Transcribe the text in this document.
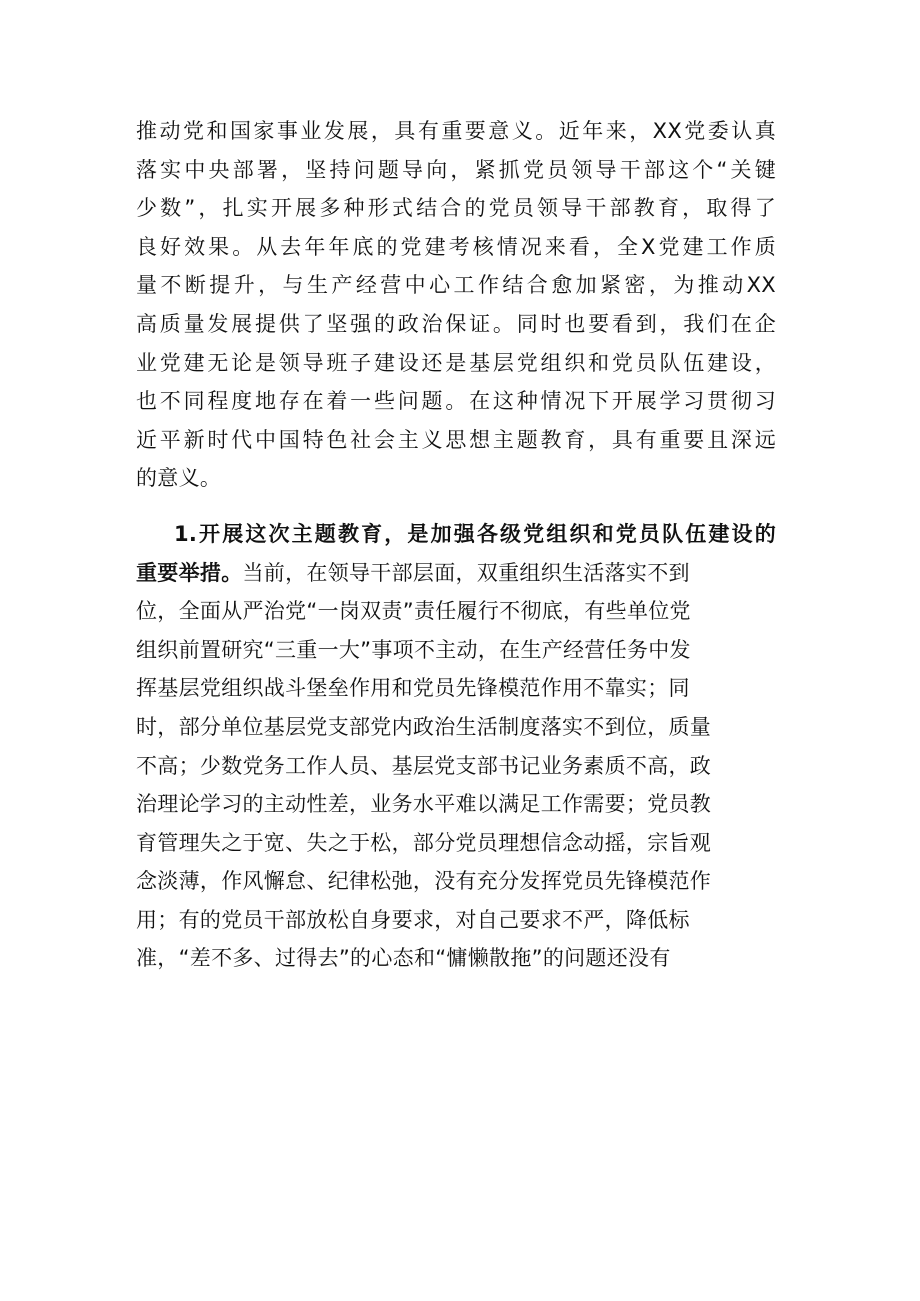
推动党和国家事业发展，具有重要意义。近年来，XX党委认真
落实中央部署，坚持问题导向，紧抓党员领导干部这个“关键
少数”，扎实开展多种形式结合的党员领导干部教育，取得了
良好效果。从去年年底的党建考核情况来看，全X党建工作质
量不断提升，与生产经营中心工作结合愈加紧密，为推动XX
高质量发展提供了坚强的政治保证。同时也要看到，我们在企
业党建无论是领导班子建设还是基层党组织和党员队伍建设，
也不同程度地存在着一些问题。在这种情况下开展学习贯彻习
近平新时代中国特色社会主义思想主题教育，具有重要且深远
的意义。
1.开展这次主题教育，是加强各级党组织和党员队伍建设的
重要举措。当前，在领导干部层面，双重组织生活落实不到
位，全面从严治党“一岗双责”责任履行不彻底，有些单位党
组织前置研究“三重一大”事项不主动，在生产经营任务中发
挥基层党组织战斗堡垒作用和党员先锋模范作用不靠实；同
时，部分单位基层党支部党内政治生活制度落实不到位，质量
不高；少数党务工作人员、基层党支部书记业务素质不高，政
治理论学习的主动性差，业务水平难以满足工作需要；党员教
育管理失之于宽、失之于松，部分党员理想信念动摇，宗旨观
念淡薄，作风懈怠、纪律松弛，没有充分发挥党员先锋模范作
用；有的党员干部放松自身要求，对自己要求不严，降低标
准，“差不多、过得去”的心态和“慵懒散拖”的问题还没有
